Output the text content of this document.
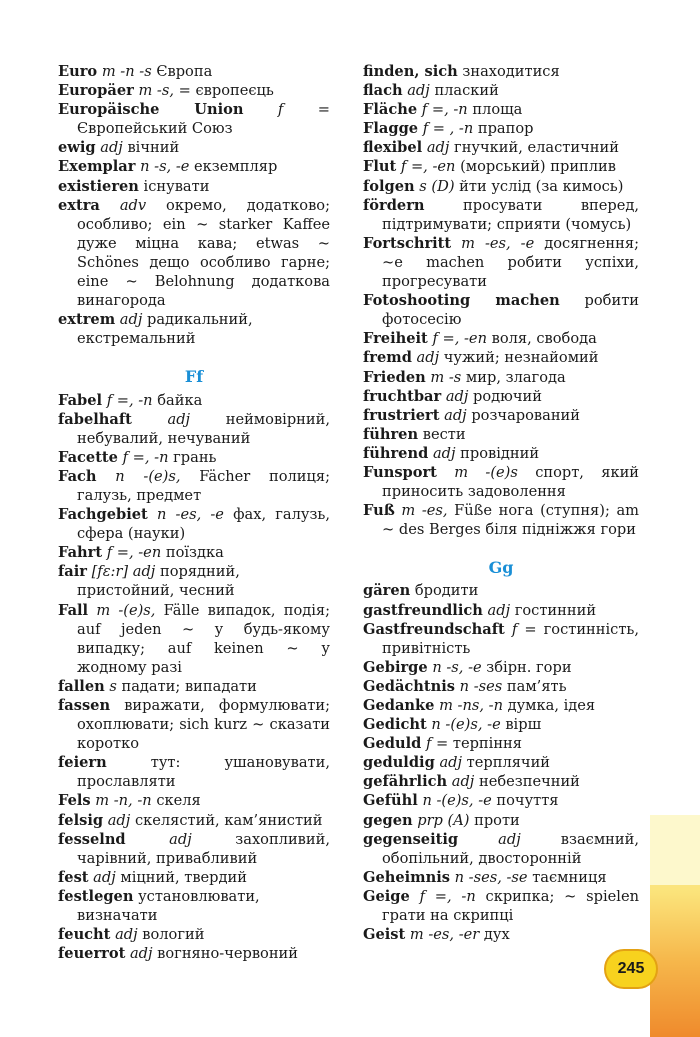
Euro m -n -s Європа
Europäer m -s, = європеєць
Europäische Union f = Європейський Союз
ewig adj вічний
Exemplar n -s, -e екземпляр
existieren існувати
extra adv окремо, додатково; особливо; ein ~ starker Kaffee дуже міцна кава; etwas ~ Schönes дещо особливо гарне; eine ~ Belohnung додаткова винагорода
extrem adj радикальний, екстремальний
Ff
Fabel f =, -n байка
fabelhaft adj неймовірний, небувалий, нечуваний
Facette f =, -n грань
Fach n -(e)s, Fächer полиця; галузь, предмет
Fachgebiet n -es, -e фах, галузь, сфера (науки)
Fahrt f =, -en поїздка
fair [fε:r] adj порядний, пристойний, чесний
Fall m -(e)s, Fälle випадок, подія; auf jeden ~ у будь-якому випадку; auf keinen ~ у жодному разі
fallen s падати; випадати
fassen виражати, формулювати; охоплювати; sich kurz ~ сказати коротко
feiern	тут: ушановувати, прославляти
Fels m -n, -n скеля
felsig adj скелястий, кам’янистий
fesselnd	adj	захопливий, чарівний, привабливий
fest adj міцний, твердий
festlegen установлювати, визначати
feucht adj вологий
feuerrot adj вогняно-червоний
finden, sich знаходитися
flach adj плаский
Fläche f =, -n площа
Flagge f = , -n прапор
flexibel adj гнучкий, еластичний
Flut f =, -en (морський) приплив
folgen s (D) йти услід (за кимось)
fördern	просувати вперед, підтримувати; сприяти (чомусь)
Fortschritt m -es, -e досягнення; ~e machen робити успіхи, прогресувати
Fotoshooting machen робити фотосесію
Freiheit f =, -en воля, свобода
fremd adj чужий; незнайомий
Frieden m -s мир, злагода
fruchtbar adj родючий
frustriert adj розчарований
führen вести
führend adj провідний
Funsport m -(e)s спорт, який приносить задоволення
Fuß m -es, Füße нога (ступня); am ~ des Berges біля підніжжя гори
Gg
gären бродити
gastfreundlich adj гостинний
Gastfreundschaft f = гостинність, привітність
Gebirge n -s, -e збірн. гори
Gedächtnis n -ses пам’ять
Gedanke m -ns, -n думка, ідея
Gedicht n -(e)s, -e вірш
Geduld f = терпіння
geduldig adj терплячий
gefährlich adj небезпечний
Gefühl n -(e)s, -e почуття
gegen prp (A) проти
gegenseitig	adj	взаємний, обопільний, двосторонній
Geheimnis n -ses, -se таємниця
Geige f =, -n скрипка; ~ spielen грати на скрипці
Geist m -es, -er дух
245
